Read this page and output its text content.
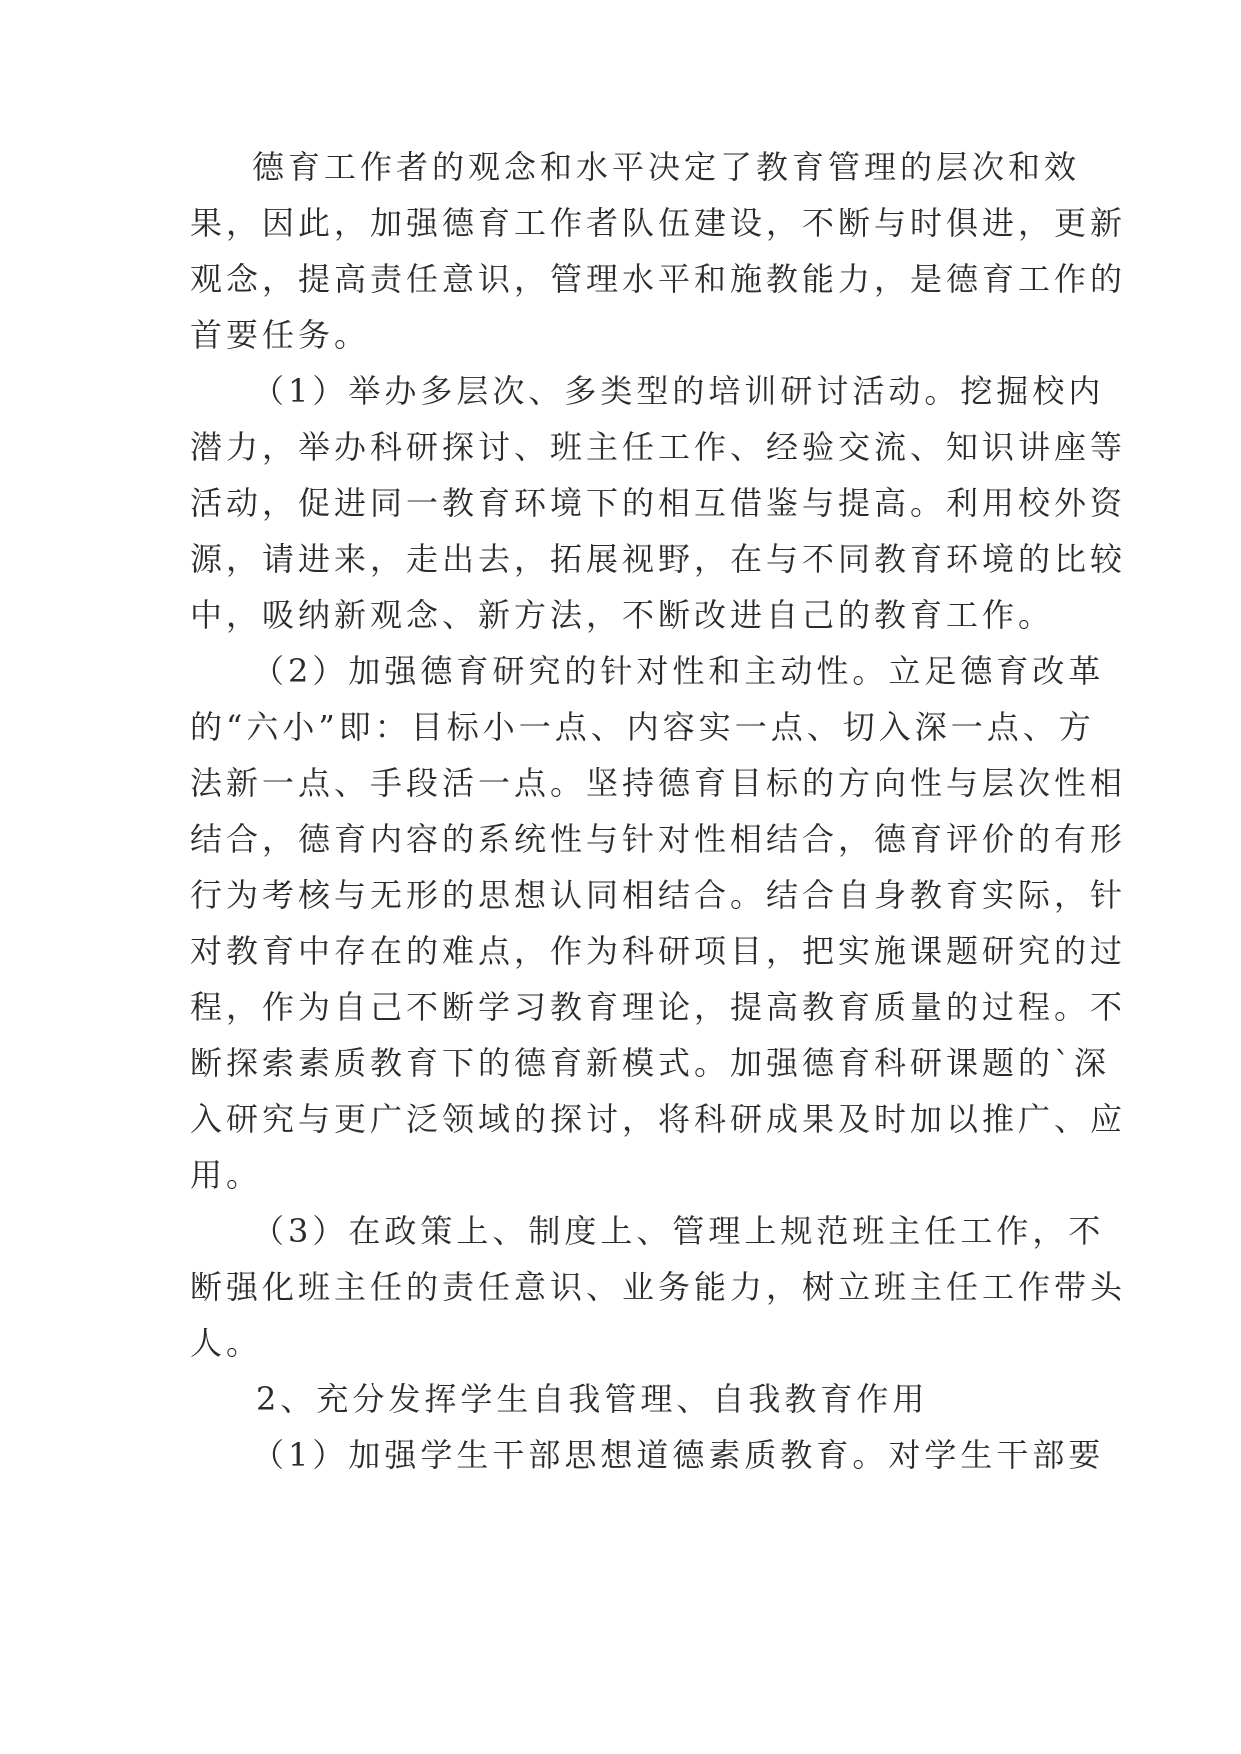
德育工作者的观念和水平决定了教育管理的层次和效
果，因此，加强德育工作者队伍建设，不断与时俱进，更新
观念，提高责任意识，管理水平和施教能力，是德育工作的
首要任务。
（1）举办多层次、多类型的培训研讨活动。挖掘校内
潜力，举办科研探讨、班主任工作、经验交流、知识讲座等
活动，促进同一教育环境下的相互借鉴与提高。利用校外资
源，请进来，走出去，拓展视野，在与不同教育环境的比较
中，吸纳新观念、新方法，不断改进自己的教育工作。
（2）加强德育研究的针对性和主动性。立足德育改革
的“六小”即：目标小一点、内容实一点、切入深一点、方
法新一点、手段活一点。坚持德育目标的方向性与层次性相
结合，德育内容的系统性与针对性相结合，德育评价的有形
行为考核与无形的思想认同相结合。结合自身教育实际，针
对教育中存在的难点，作为科研项目，把实施课题研究的过
程，作为自己不断学习教育理论，提高教育质量的过程。不
断探索素质教育下的德育新模式。加强德育科研课题的`深
入研究与更广泛领域的探讨，将科研成果及时加以推广、应
用。
（3）在政策上、制度上、管理上规范班主任工作，不
断强化班主任的责任意识、业务能力，树立班主任工作带头
人。
2、充分发挥学生自我管理、自我教育作用
（1）加强学生干部思想道德素质教育。对学生干部要
